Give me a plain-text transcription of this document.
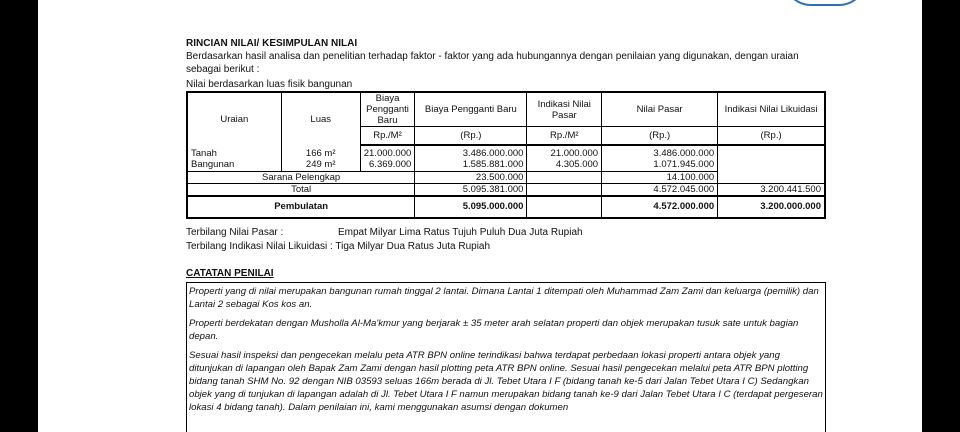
RINCIAN NILAI/ KESIMPULAN NILAI

Berdasarkan hasil analisa dan penelitian terhadap faktor - faktor yang ada hubungannya dengan penilaian yang digunakan, dengan uraian sebagai berikut :

Nilai berdasarkan luas fisik bangunan

Uraian	Luas	Biaya Pengganti Baru	Biaya Pengganti Baru	Indikasi Nilai Pasar	Nilai Pasar	Indikasi Nilai Likuidasi
		Rp./M²	(Rp.)	Rp./M²	(Rp.)	(Rp.)
Tanah	166 m²	21.000.000	3.486.000.000	21.000.000	3.486.000.000	
Bangunan	249 m²	6.369.000	1.585.881.000	4.305.000	1.071.945.000	
Sarana Pelengkap			23.500.000		14.100.000	
Total			5.095.381.000		4.572.045.000	3.200.441.500
Pembulatan			5.095.000.000		4.572.000.000	3.200.000.000
Terbilang Nilai Pasar :	Empat Milyar Lima Ratus Tujuh Puluh Dua Juta Rupiah
Terbilang Indikasi Nilai Likuidasi : Tiga Milyar Dua Ratus Juta Rupiah
CATATAN PENILAI

Properti yang di nilai merupakan bangunan rumah tinggal 2 lantai. Dimana Lantai 1 ditempati oleh Muhammad Zam Zami dan keluarga (pemilik) dan Lantai 2 sebagai Kos kos an.

Properti berdekatan dengan Musholla Al-Ma'kmur yang berjarak ± 35 meter arah selatan properti dan objek merupakan tusuk sate untuk bagian depan.

Sesuai hasil inspeksi dan pengecekan melalu peta ATR BPN online terindikasi bahwa terdapat perbedaan lokasi properti antara objek yang ditunjukan di lapangan oleh Bapak Zam Zami dengan hasil plotting peta ATR BPN online. Sesuai hasil pengecekan melalui peta ATR BPN plotting bidang tanah SHM No. 92 dengan NIB 03593 seluas 166m berada di Jl. Tebet Utara I F (bidang tanah ke-5 dari Jalan Tebet Utara I C) Sedangkan objek yang di tunjukan di lapangan adalah di Jl. Tebet Utara I F namun merupakan bidang tanah ke-9 dari Jalan Tebet Utara I C (terdapat pergeseran lokasi 4 bidang tanah). Dalam penilaian ini, kami menggunakan asumsi dengan dokumen
